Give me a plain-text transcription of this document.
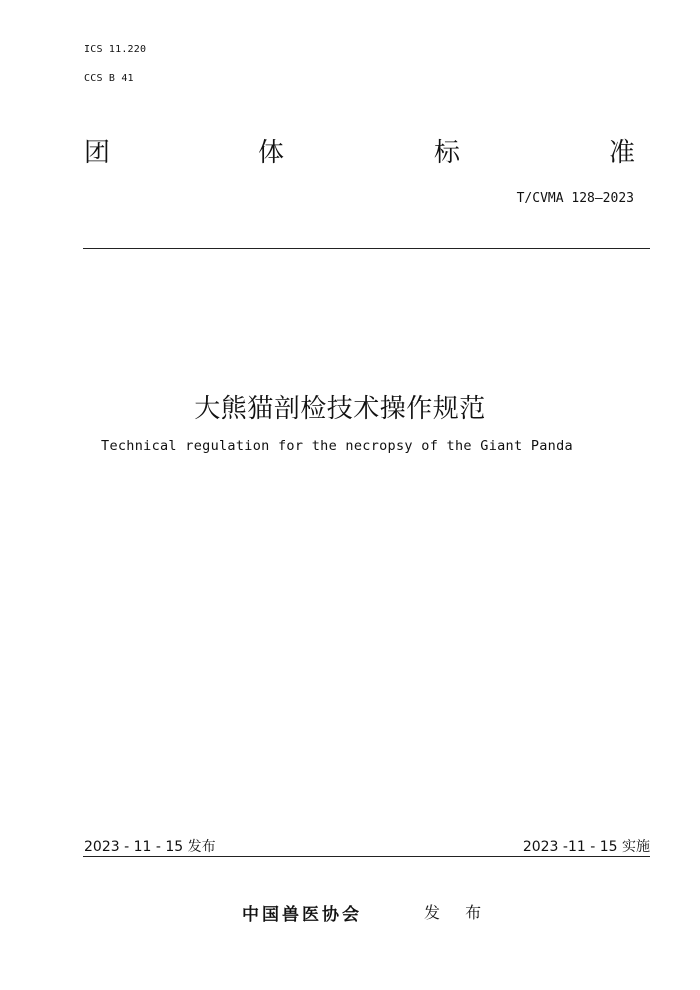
ICS 11.220
CCS B 41
团	体	标	准
T/CVMA 128—2023
大熊猫剖检技术操作规范
Technical regulation for the necropsy of the Giant Panda
2023 - 11 - 15 发布	2023 -11 - 15 实施
中国兽医协会	发 布
